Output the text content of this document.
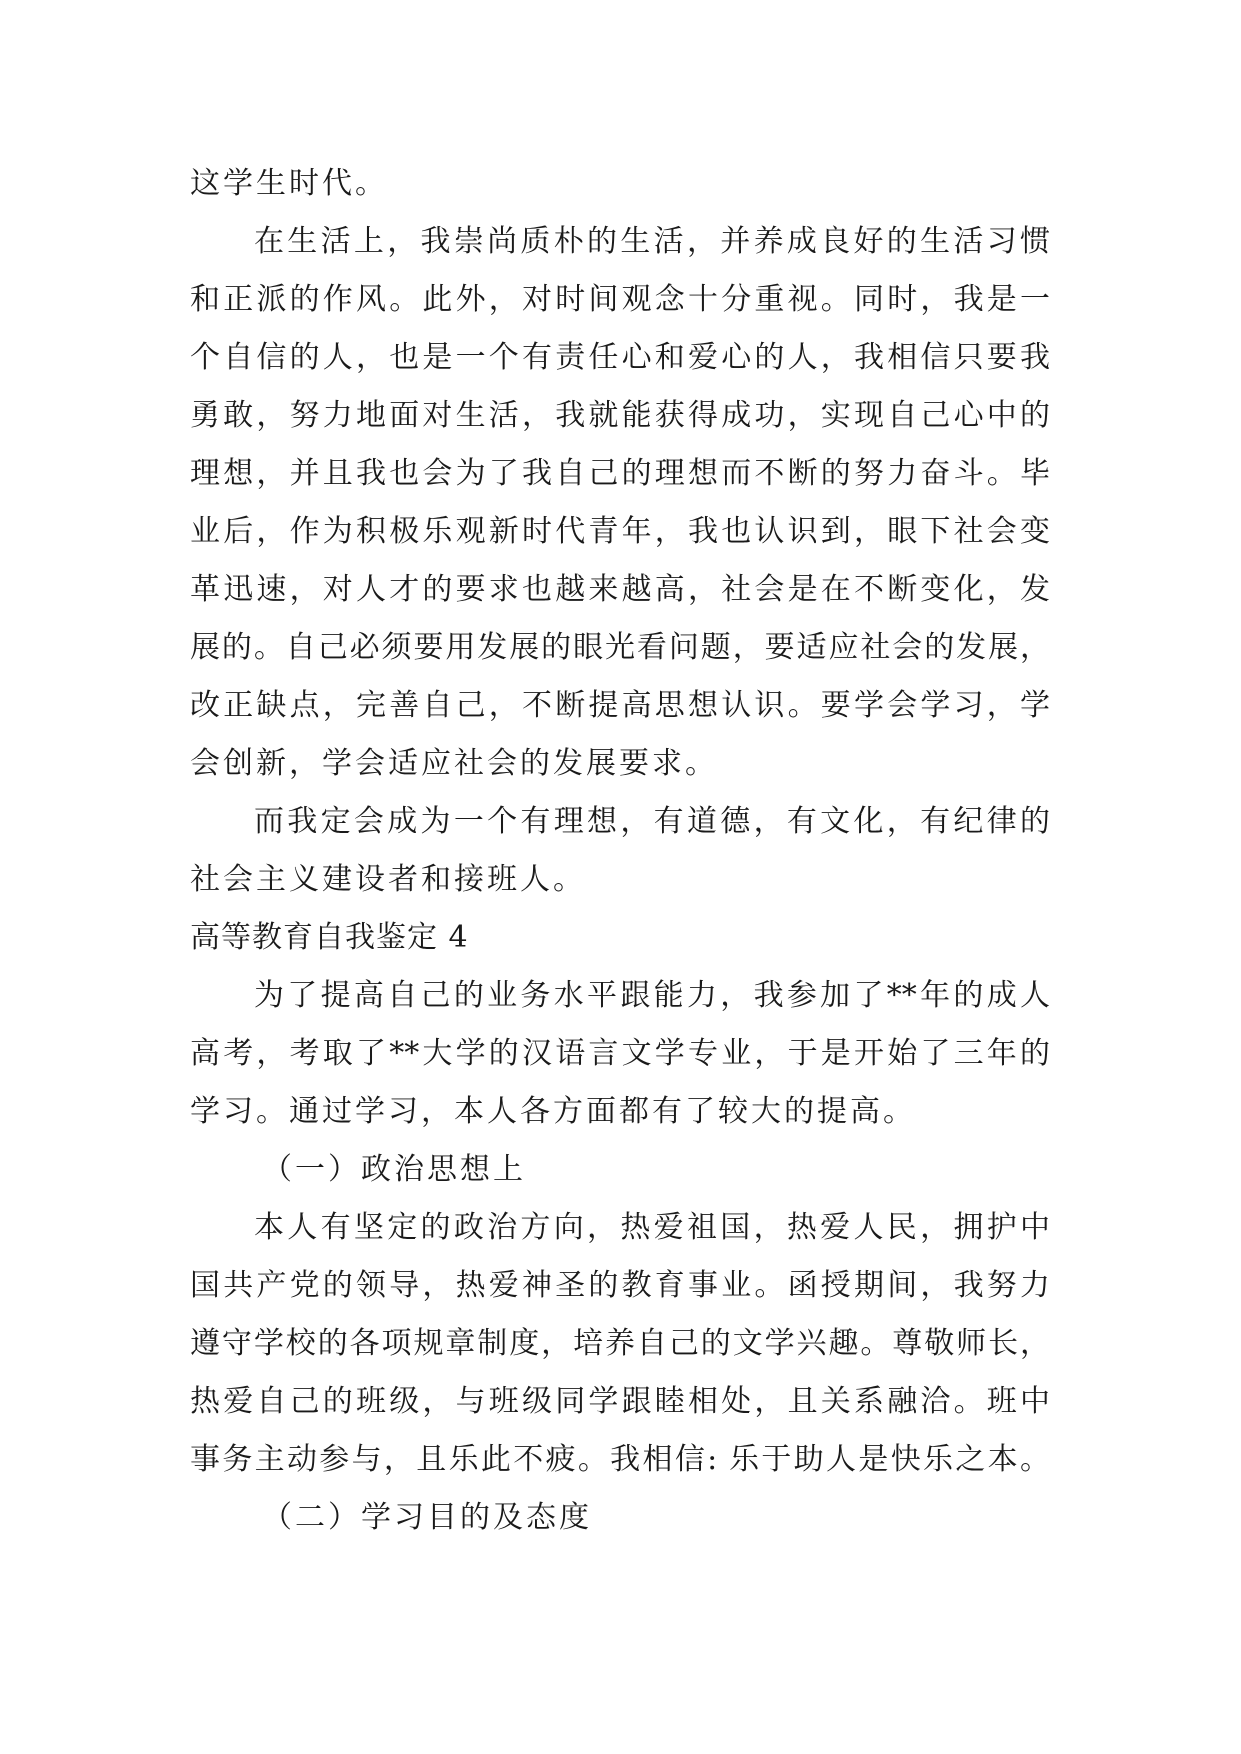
这学生时代。
在生活上，我崇尚质朴的生活，并养成良好的生活习惯
和正派的作风。此外，对时间观念十分重视。同时，我是一
个自信的人，也是一个有责任心和爱心的人，我相信只要我
勇敢，努力地面对生活，我就能获得成功，实现自己心中的
理想，并且我也会为了我自己的理想而不断的努力奋斗。毕
业后，作为积极乐观新时代青年，我也认识到，眼下社会变
革迅速，对人才的要求也越来越高，社会是在不断变化，发
展的。自己必须要用发展的眼光看问题，要适应社会的发展，
改正缺点，完善自己，不断提高思想认识。要学会学习，学
会创新，学会适应社会的发展要求。
而我定会成为一个有理想，有道德，有文化，有纪律的
社会主义建设者和接班人。
高等教育自我鉴定 4
为了提高自己的业务水平跟能力，我参加了**年的成人
高考，考取了**大学的汉语言文学专业，于是开始了三年的
学习。通过学习，本人各方面都有了较大的提高。
（一）政治思想上
本人有坚定的政治方向，热爱祖国，热爱人民，拥护中
国共产党的领导，热爱神圣的教育事业。函授期间，我努力
遵守学校的各项规章制度，培养自己的文学兴趣。尊敬师长，
热爱自己的班级，与班级同学跟睦相处，且关系融洽。班中
事务主动参与，且乐此不疲。我相信: 乐于助人是快乐之本。
（二）学习目的及态度
